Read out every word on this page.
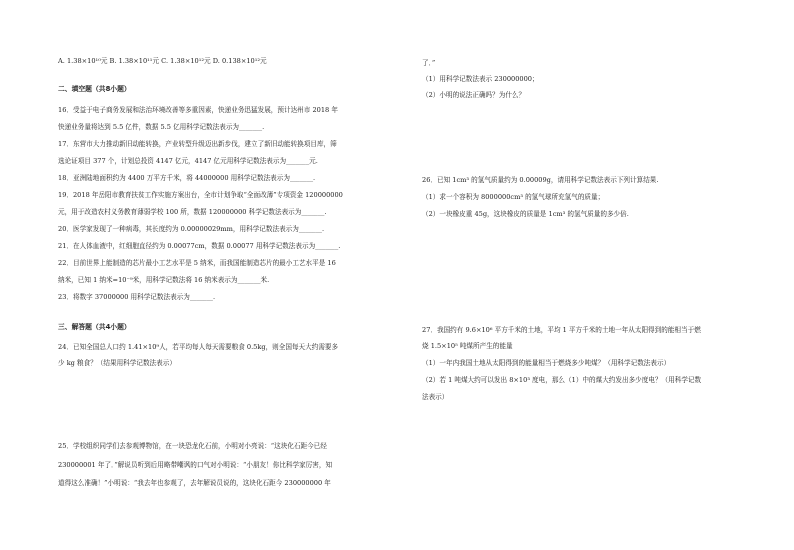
A. 1.38×10¹⁰元 B. 1.38×10¹¹元 C. 1.38×10¹²元 D. 0.138×10¹²元
二、填空题（共8小题）
16．受益于电子商务发展和法治环境改善等多重因素，快递业务迅猛发展，预计达州市 2018 年
快递业务量将达到 5.5 亿件，数据 5.5 亿用科学记数法表示为_______.
17．东营市大力推动新旧动能转换，产业转型升级迈出新步伐，建立了新旧动能转换项目库，筛
选论证项目 377 个，计划总投资 4147 亿元，4147 亿元用科学记数法表示为_______元.
18．亚洲陆地面积约为 4400 万平方千米，将 44000000 用科学记数法表示为_______.
19．2018 年岳阳市教育扶贫工作实施方案出台，全市计划争取“全面改薄”专项资金 120000000
元，用于改造农村义务教育薄弱学校 100 所，数据 120000000 科学记数法表示为_______.
20．医学家发现了一种病毒，其长度约为 0.00000029mm，用科学记数法表示为_______.
21．在人体血液中，红细胞直径约为 0.00077cm，数据 0.00077 用科学记数法表示为_______.
22．目前世界上能制造的芯片最小工艺水平是 5 纳米，而我国能制造芯片的最小工艺水平是 16
纳米，已知 1 纳米=10⁻⁹米，用科学记数法将 16 纳米表示为_______米.
23．将数字 37000000 用科学记数法表示为_______.
三、解答题（共4小题）
24．已知全国总人口约 1.41×10⁹人，若平均每人每天需要粮食 0.5kg，则全国每天大约需要多
少 kg 粮食？（结果用科学记数法表示）
25．学校组织同学们去参观博物馆，在一块恐龙化石前，小明对小亮说：“这块化石距今已经
230000001 年了．”解说员听到后用略带嘲讽的口气对小明说：“小朋友！你比科学家厉害，知
道得这么准确！”小明说：“我去年也参观了，去年解说员说的，这块化石距今 230000000 年
了．”
（1）用科学记数法表示 230000000；
（2）小明的说法正确吗？为什么？
26．已知 1cm³ 的氢气质量约为 0.00009g，请用科学记数法表示下列计算结果.
（1）求一个容积为 8000000cm³ 的氢气球所充氢气的质量；
（2）一块橡皮重 45g，这块橡皮的质量是 1cm³ 的氢气质量的多少倍.
27．我国约有 9.6×10⁶ 平方千米的土地，平均 1 平方千米的土地一年从太阳得到的能相当于燃
烧 1.5×10⁵ 吨煤所产生的能量
（1）一年内我国土地从太阳得到的能量相当于燃烧多少吨煤？（用科学记数法表示）
（2）若 1 吨煤大约可以发出 8×10³ 度电，那么（1）中的煤大约发出多少度电？（用科学记数
法表示）
